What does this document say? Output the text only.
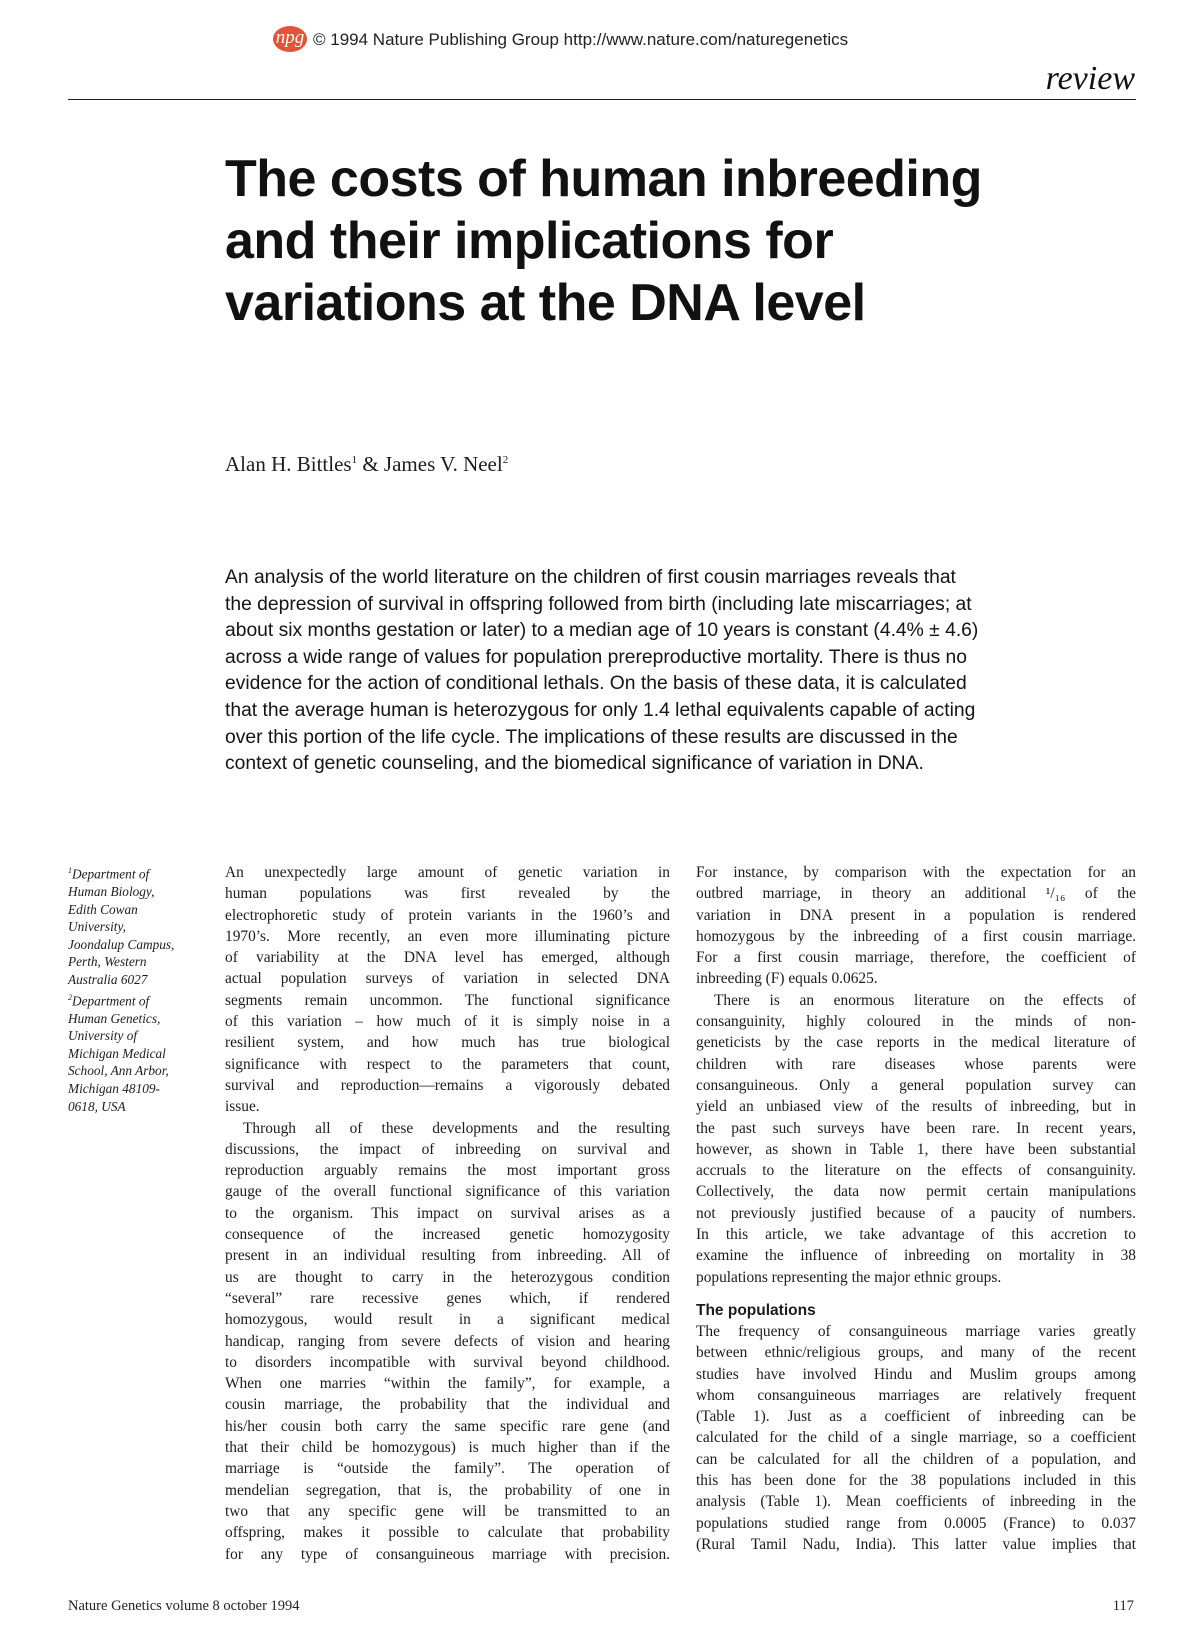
npg © 1994 Nature Publishing Group http://www.nature.com/naturegenetics
review
The costs of human inbreeding
and their implications for
variations at the DNA level
Alan H. Bittles$^1$ & James V. Neel$^2$

An analysis of the world literature on the children of first cousin marriages reveals that
the depression of survival in offspring followed from birth (including late miscarriages; at
about six months gestation or later) to a median age of 10 years is constant (4.4% ± 4.6)
across a wide range of values for population prereproductive mortality. There is thus no
evidence for the action of conditional lethals. On the basis of these data, it is calculated
that the average human is heterozygous for only 1.4 lethal equivalents capable of acting
over this portion of the life cycle. The implications of these results are discussed in the
context of genetic counseling, and the biomedical significance of variation in DNA.

$^1$Department of
Human Biology,
Edith Cowan
University,
Joondalup Campus,
Perth, Western
Australia 6027
$^2$Department of
Human Genetics,
University of
Michigan Medical
School, Ann Arbor,
Michigan 48109-
0618, USA
An unexpectedly large amount of genetic variation in
human populations was first revealed by the
electrophoretic study of protein variants in the 1960’s and
1970’s. More recently, an even more illuminating picture
of variability at the DNA level has emerged, although
actual population surveys of variation in selected DNA
segments remain uncommon. The functional significance
of this variation – how much of it is simply noise in a
resilient system, and how much has true biological
significance with respect to the parameters that count,
survival and reproduction—remains a vigorously debated
issue.
Through all of these developments and the resulting
discussions, the impact of inbreeding on survival and
reproduction arguably remains the most important gross
gauge of the overall functional significance of this variation
to the organism. This impact on survival arises as a
consequence of the increased genetic homozygosity
present in an individual resulting from inbreeding. All of
us are thought to carry in the heterozygous condition
“several” rare recessive genes which, if rendered
homozygous, would result in a significant medical
handicap, ranging from severe defects of vision and hearing
to disorders incompatible with survival beyond childhood.
When one marries “within the family”, for example, a
cousin marriage, the probability that the individual and
his/her cousin both carry the same specific rare gene (and
that their child be homozygous) is much higher than if the
marriage is “outside the family”. The operation of
mendelian segregation, that is, the probability of one in
two that any specific gene will be transmitted to an
offspring, makes it possible to calculate that probability
for any type of consanguineous marriage with precision.
For instance, by comparison with the expectation for an
outbred marriage, in theory an additional ¹/₁₆ of the
variation in DNA present in a population is rendered
homozygous by the inbreeding of a first cousin marriage.
For a first cousin marriage, therefore, the coefficient of
inbreeding (F) equals 0.0625.
There is an enormous literature on the effects of
consanguinity, highly coloured in the minds of non-
geneticists by the case reports in the medical literature of
children with rare diseases whose parents were
consanguineous. Only a general population survey can
yield an unbiased view of the results of inbreeding, but in
the past such surveys have been rare. In recent years,
however, as shown in Table 1, there have been substantial
accruals to the literature on the effects of consanguinity.
Collectively, the data now permit certain manipulations
not previously justified because of a paucity of numbers.
In this article, we take advantage of this accretion to
examine the influence of inbreeding on mortality in 38
populations representing the major ethnic groups.
The populations
The frequency of consanguineous marriage varies greatly
between ethnic/religious groups, and many of the recent
studies have involved Hindu and Muslim groups among
whom consanguineous marriages are relatively frequent
(Table 1). Just as a coefficient of inbreeding can be
calculated for the child of a single marriage, so a coefficient
can be calculated for all the children of a population, and
this has been done for the 38 populations included in this
analysis (Table 1). Mean coefficients of inbreeding in the
populations studied range from 0.0005 (France) to 0.037
(Rural Tamil Nadu, India). This latter value implies that
Nature Genetics volume 8 october 1994	117
